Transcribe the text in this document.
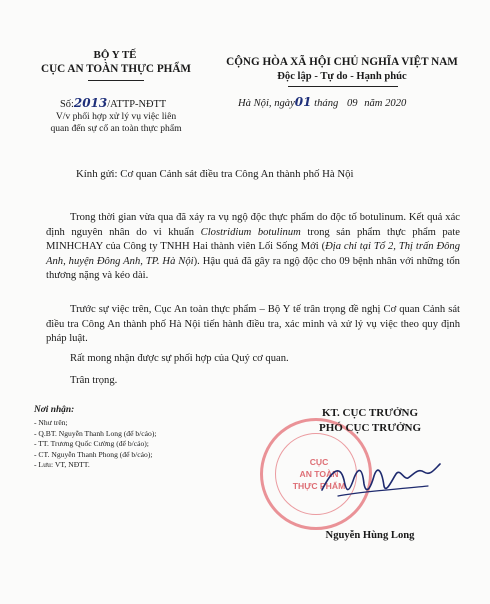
BỘ Y TẾ
CỤC AN TOÀN THỰC PHẨM
Số:2013/ATTP-NĐTT
V/v phối hợp xử lý vụ việc liên
quan đến sự cố an toàn thực phẩm
CỘNG HÒA XÃ HỘI CHỦ NGHĨA VIỆT NAM
Độc lập - Tự do - Hạnh phúc
Hà Nội, ngày01 tháng 09 năm 2020
Kính gửi: Cơ quan Cảnh sát điều tra Công An thành phố Hà Nội
Trong thời gian vừa qua đã xảy ra vụ ngộ độc thực phẩm do độc tố botulinum. Kết quả xác định nguyên nhân do vi khuẩn Clostridium botulinum trong sản phẩm thực phẩm pate MINHCHAY của Công ty TNHH Hai thành viên Lối Sống Mới (Địa chỉ tại Tổ 2, Thị trấn Đông Anh, huyện Đông Anh, TP. Hà Nội). Hậu quả đã gây ra ngộ độc cho 09 bệnh nhân với những tổn thương nặng và kéo dài.
Trước sự việc trên, Cục An toàn thực phẩm – Bộ Y tế trân trọng đề nghị Cơ quan Cảnh sát điều tra Công An thành phố Hà Nội tiến hành điều tra, xác minh và xử lý vụ việc theo quy định pháp luật.
Rất mong nhận được sự phối hợp của Quý cơ quan.
Trân trọng.
Nơi nhận:
- Như trên;
- Q.BT. Nguyễn Thanh Long (để b/cáo);
- TT. Trương Quốc Cường (để b/cáo);
- CT. Nguyễn Thanh Phong (để b/cáo);
- Lưu: VT, NĐTT.	CỤC
AN TOÀN
THỰC PHẨM
KT. CỤC TRƯỞNG
PHÓ CỤC TRƯỞNG
Nguyễn Hùng Long
